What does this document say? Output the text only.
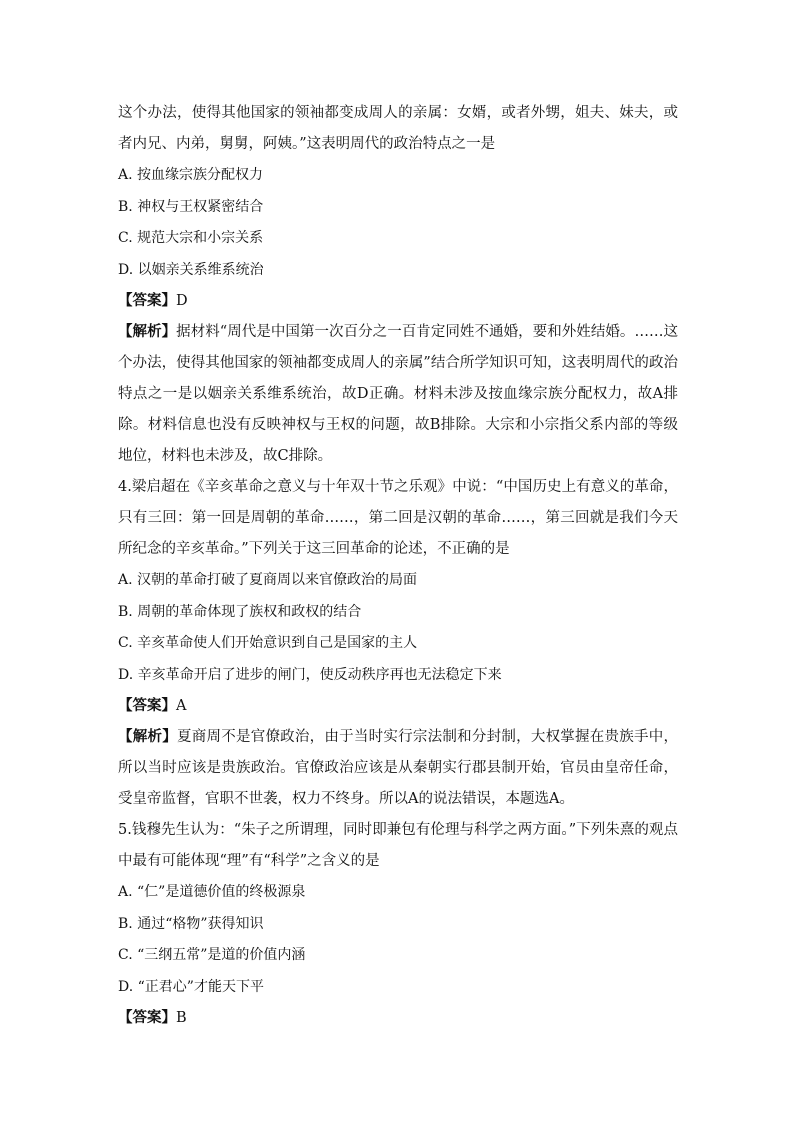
这个办法，使得其他国家的领袖都变成周人的亲属：女婿，或者外甥，姐夫、妹夫，或者内兄、内弟，舅舅，阿姨。”这表明周代的政治特点之一是

A. 按血缘宗族分配权力

B. 神权与王权紧密结合

C. 规范大宗和小宗关系

D. 以姻亲关系维系统治

【答案】D

【解析】据材料“周代是中国第一次百分之一百肯定同姓不通婚，要和外姓结婚。……这个办法，使得其他国家的领袖都变成周人的亲属”结合所学知识可知，这表明周代的政治特点之一是以姻亲关系维系统治，故D正确。材料未涉及按血缘宗族分配权力，故A排除。材料信息也没有反映神权与王权的问题，故B排除。大宗和小宗指父系内部的等级地位，材料也未涉及，故C排除。

4.梁启超在《辛亥革命之意义与十年双十节之乐观》中说：“中国历史上有意义的革命，只有三回：第一回是周朝的革命……，第二回是汉朝的革命……，第三回就是我们今天所纪念的辛亥革命。”下列关于这三回革命的论述，不正确的是

A. 汉朝的革命打破了夏商周以来官僚政治的局面

B. 周朝的革命体现了族权和政权的结合

C. 辛亥革命使人们开始意识到自己是国家的主人

D. 辛亥革命开启了进步的闸门，使反动秩序再也无法稳定下来

【答案】A

【解析】夏商周不是官僚政治，由于当时实行宗法制和分封制，大权掌握在贵族手中，所以当时应该是贵族政治。官僚政治应该是从秦朝实行郡县制开始，官员由皇帝任命，受皇帝监督，官职不世袭，权力不终身。所以A的说法错误，本题选A。

5.钱穆先生认为：“朱子之所谓理，同时即兼包有伦理与科学之两方面。”下列朱熹的观点中最有可能体现“理”有“科学”之含义的是

A. “仁”是道德价值的终极源泉

B. 通过“格物”获得知识

C. “三纲五常”是道的价值内涵

D. “正君心”才能天下平

【答案】B
